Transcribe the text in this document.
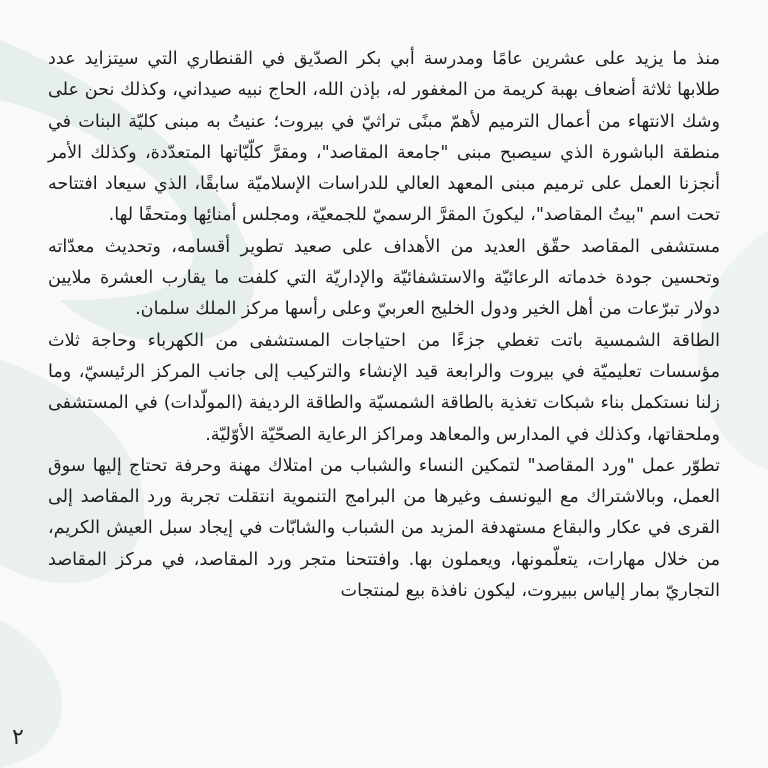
منذ ما يزيد على عشرين عامًا ومدرسة أبي بكر الصدّيق في القنطاري التي سيتزايد عدد طلابها ثلاثة أضعاف بهبة كريمة من المغفور له، بإذن الله، الحاج نبيه صيداني، وكذلك نحن على وشك الانتهاء من أعمال الترميم لأهمّ مبنًى تراثيّ في بيروت؛ عنيتُ به مبنى كليّة البنات في منطقة الباشورة الذي سيصبح مبنى "جامعة المقاصد"، ومقرَّ كلّيّاتها المتعدّدة، وكذلك الأمر أنجزنا العمل على ترميم مبنى المعهد العالي للدراسات الإسلاميّة سابقًا، الذي سيعاد افتتاحه تحت اسم "بيتُ المقاصد"، ليكونَ المقرَّ الرسميّ للجمعيّة، ومجلس أمنائِها ومتحفًا لها.

مستشفى المقاصد حقّق العديد من الأهداف على صعيد تطوير أقسامه، وتحديث معدّاته وتحسين جودة خدماته الرعائيّة والاستشفائيّة والإداريّة التي كلفت ما يقارب العشرة ملايين دولار تبرّعات من أهل الخير ودول الخليج العربيّ وعلى رأسها مركز الملك سلمان.

الطاقة الشمسية باتت تغطي جزءًا من احتياجات المستشفى من الكهرباء وحاجة ثلاث مؤسسات تعليميّة في بيروت والرابعة قيد الإنشاء والتركيب إلى جانب المركز الرئيسيّ، وما زلنا نستكمل بناء شبكات تغذية بالطاقة الشمسيّة والطاقة الرديفة (المولّدات) في المستشفى وملحقاتها، وكذلك في المدارس والمعاهد ومراكز الرعاية الصحّيّة الأوّليّة.

تطوّر عمل "ورد المقاصد" لتمكين النساء والشباب من امتلاك مهنة وحرفة تحتاج إليها سوق العمل، وبالاشتراك مع اليونسف وغيرها من البرامج التنموية انتقلت تجربة ورد المقاصد إلى القرى في عكار والبقاع مستهدفة المزيد من الشباب والشابّات في إيجاد سبل العيش الكريم، من خلال مهارات، يتعلّمونها، ويعملون بها. وافتتحنا متجر ورد المقاصد، في مركز المقاصد التجاريّ بمار إلياس ببيروت، ليكون نافذة بيع لمنتجات

٢
